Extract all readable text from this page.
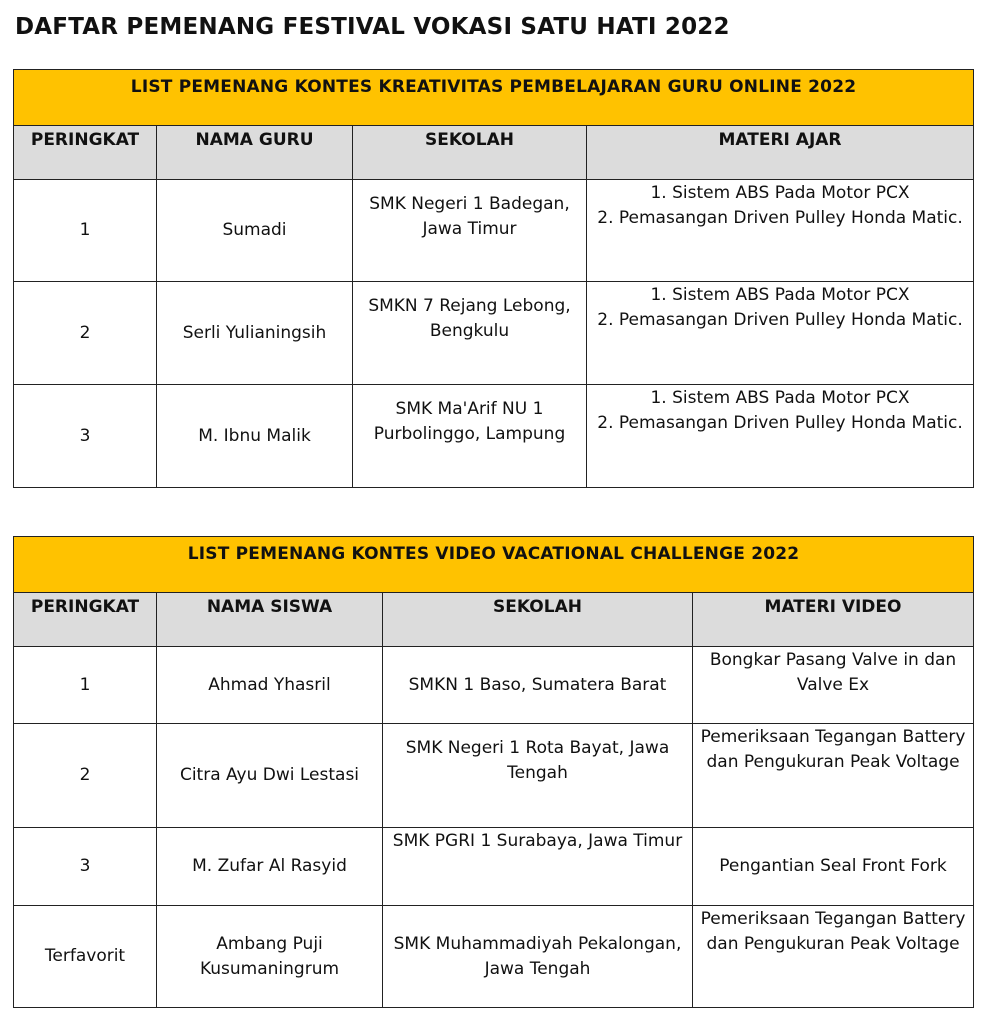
DAFTAR PEMENANG FESTIVAL VOKASI SATU HATI 2022
LIST PEMENANG KONTES KREATIVITAS PEMBELAJARAN GURU ONLINE 2022			
PERINGKAT	NAMA GURU	SEKOLAH	MATERI AJAR
1	Sumadi	SMK Negeri 1 Badegan, Jawa Timur	1. Sistem ABS Pada Motor PCX
2. Pemasangan Driven Pulley Honda Matic.

2	Serli Yulianingsih	SMKN 7 Rejang Lebong, Bengkulu	1. Sistem ABS Pada Motor PCX
2. Pemasangan Driven Pulley Honda Matic.

3	M. Ibnu Malik	SMK Ma'Arif NU 1 Purbolinggo, Lampung	1. Sistem ABS Pada Motor PCX
2. Pemasangan Driven Pulley Honda Matic.
LIST PEMENANG KONTES VIDEO VACATIONAL CHALLENGE 2022			
PERINGKAT	NAMA SISWA	SEKOLAH	MATERI VIDEO
1	Ahmad Yhasril	SMKN 1 Baso, Sumatera Barat	Bongkar Pasang Valve in dan Valve Ex
2	Citra Ayu Dwi Lestasi	SMK Negeri 1 Rota Bayat, Jawa Tengah	Pemeriksaan Tegangan Battery dan Pengukuran Peak Voltage
3	M. Zufar Al Rasyid	SMK PGRI 1 Surabaya, Jawa Timur	Pengantian Seal Front Fork
Terfavorit	Ambang Puji Kusumaningrum	SMK Muhammadiyah Pekalongan, Jawa Tengah	Pemeriksaan Tegangan Battery dan Pengukuran Peak Voltage
